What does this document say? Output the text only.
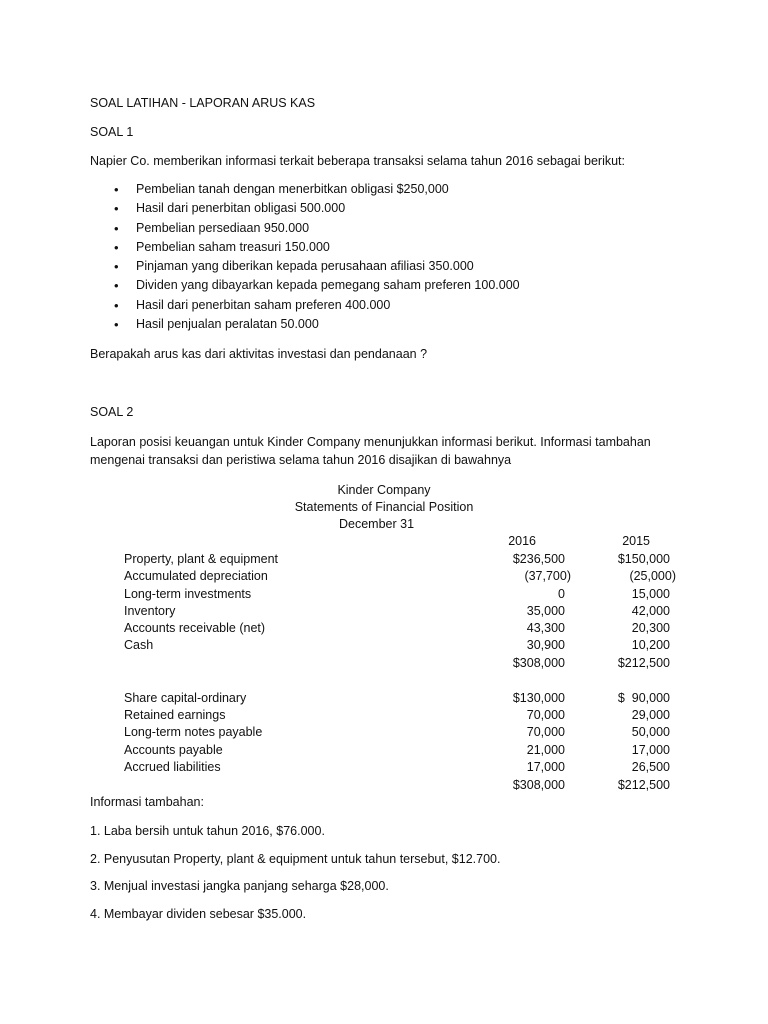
SOAL LATIHAN - LAPORAN ARUS KAS
SOAL 1
Napier Co. memberikan informasi terkait beberapa transaksi selama tahun 2016 sebagai berikut:
• Pembelian tanah dengan menerbitkan obligasi $250,000
• Hasil dari penerbitan obligasi 500.000
• Pembelian persediaan 950.000
• Pembelian saham treasuri 150.000
• Pinjaman yang diberikan kepada perusahaan afiliasi 350.000
• Dividen yang dibayarkan kepada pemegang saham preferen 100.000
• Hasil dari penerbitan saham preferen 400.000
• Hasil penjualan peralatan 50.000
Berapakah arus kas dari aktivitas investasi dan pendanaan ?
SOAL 2
Laporan posisi keuangan untuk Kinder Company menunjukkan informasi berikut. Informasi tambahan
mengenai transaksi dan peristiwa selama tahun 2016 disajikan di bawahnya
Kinder Company
Statements of Financial Position
December 31
2016	2015
Property, plant & equipment	$236,500	$150,000
Accumulated depreciation	(37,700)	(25,000)
Long-term investments	0	15,000
Inventory	35,000	42,000
Accounts receivable (net)	43,300	20,300
Cash	30,900	10,200
$308,000	$212,500
Share capital-ordinary	$130,000	$  90,000
Retained earnings	70,000	29,000
Long-term notes payable	70,000	50,000
Accounts payable	21,000	17,000
Accrued liabilities	17,000	26,500
$308,000	$212,500
Informasi tambahan:
1. Laba bersih untuk tahun 2016, $76.000.
2. Penyusutan Property, plant & equipment untuk tahun tersebut, $12.700.
3. Menjual investasi jangka panjang seharga $28,000.
4. Membayar dividen sebesar $35.000.
